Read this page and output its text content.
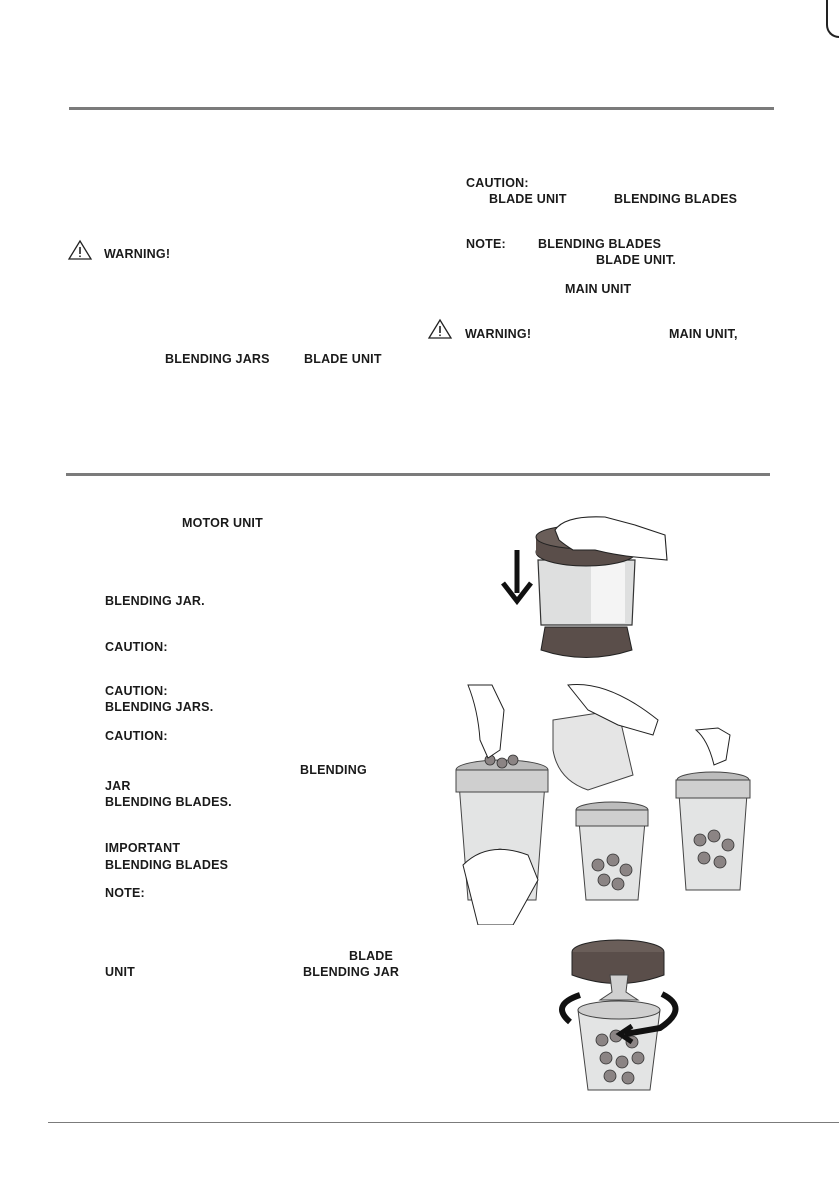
WARNING!
BLENDING JARS	BLADE UNIT
CAUTION:
BLADE UNIT	BLENDING BLADES
NOTE:	BLENDING BLADES
BLADE UNIT.
MAIN UNIT
WARNING!	MAIN UNIT,
MOTOR UNIT
BLENDING JAR.
CAUTION:
CAUTION:
BLENDING JARS.
CAUTION:
BLENDING
JAR
BLENDING BLADES.
IMPORTANT
BLENDING BLADES
NOTE:
BLADE
UNIT	BLENDING JAR
